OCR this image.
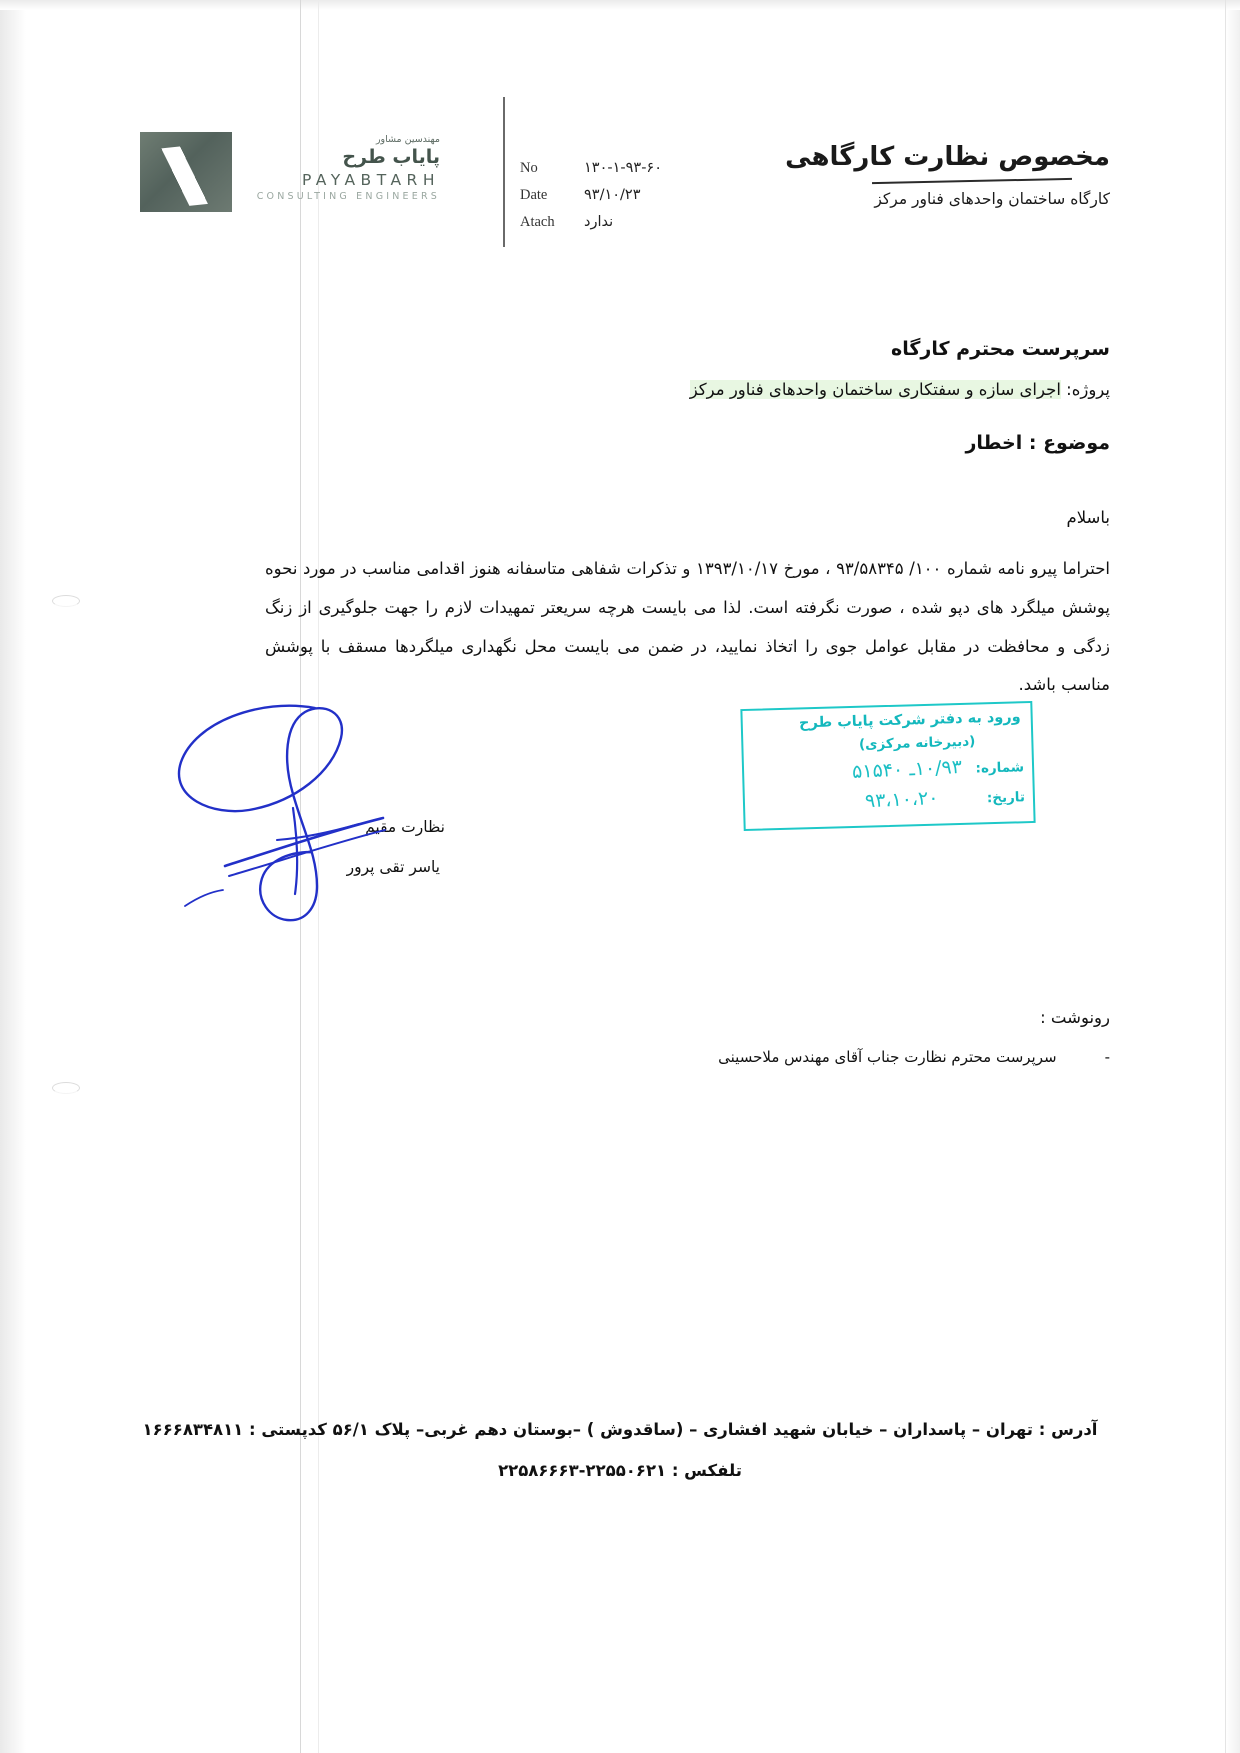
مهندسین مشاور
پایاب طرح
PAYABTARH
CONSULTING ENGINEERS
No	۱۳۰-۱-۹۳-۶۰
Date	۹۳/۱۰/۲۳
Atach	ندارد
مخصوص نظارت کارگاهی
کارگاه ساختمان واحدهای فناور مرکز
سرپرست محترم کارگاه
پروژه: اجرای سازه و سفتکاری ساختمان واحدهای فناور مرکز
موضوع : اخطار
باسلام
احتراما پیرو نامه شماره ۱۰۰/ ۹۳/۵۸۳۴۵ ، مورخ ۱۳۹۳/۱۰/۱۷ و تذکرات شفاهی متاسفانه هنوز اقدامی مناسب در مورد نحوه پوشش میلگرد های دپو شده ، صورت نگرفته است. لذا می بایست هرچه سریعتر تمهیدات لازم را جهت جلوگیری از زنگ زدگی و محافظت در مقابل عوامل جوی را اتخاذ نمایید، در ضمن می بایست محل نگهداری میلگردها مسقف با پوشش مناسب باشد.
نظارت مقیم
یاسر تقی پرور
ورود به دفتر شرکت پایاب طرح
(دبیرخانه مرکزی)
شماره:
۱۰/۹۳ـ ۵۱۵۴۰
تاریخ:
۹۳،۱۰،۲۰
رونوشت :
-
سرپرست محترم نظارت جناب آقای مهندس ملاحسینی
آدرس : تهران – پاسداران – خیابان شهید افشاری – (ساقدوش ) –بوستان دهم غربی– پلاک ۵۶/۱ کدپستی : ۱۶۶۶۸۳۴۸۱۱
تلفکس : ۲۲۵۵۰۶۲۱-۲۲۵۸۶۶۶۳
